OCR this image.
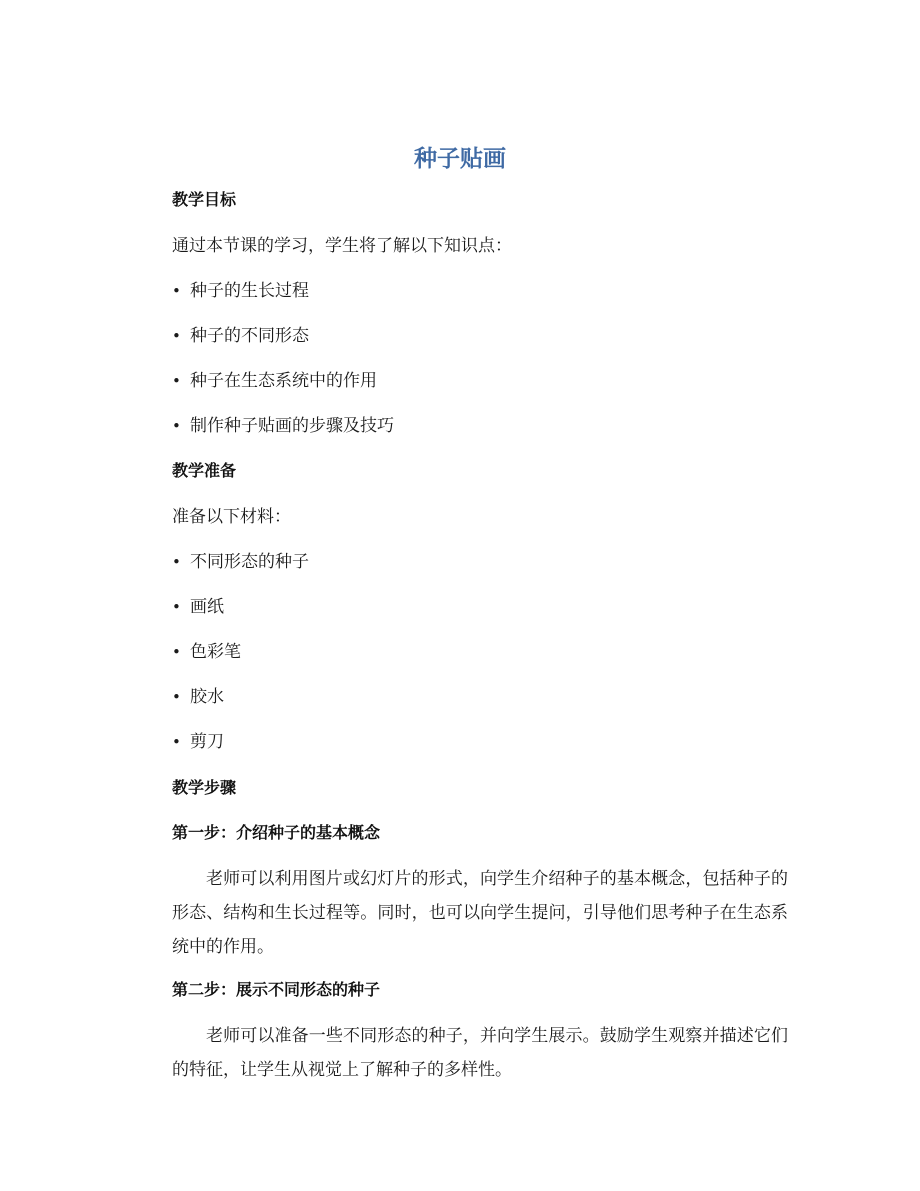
种子贴画
教学目标
通过本节课的学习，学生将了解以下知识点：
• 种子的生长过程
• 种子的不同形态
• 种子在生态系统中的作用
• 制作种子贴画的步骤及技巧
教学准备
准备以下材料：
• 不同形态的种子
• 画纸
• 色彩笔
• 胶水
• 剪刀
教学步骤
第一步：介绍种子的基本概念

老师可以利用图片或幻灯片的形式，向学生介绍种子的基本概念，包括种子的形态、结构和生长过程等。同时，也可以向学生提问，引导他们思考种子在生态系统中的作用。

第二步：展示不同形态的种子

老师可以准备一些不同形态的种子，并向学生展示。鼓励学生观察并描述它们的特征，让学生从视觉上了解种子的多样性。
